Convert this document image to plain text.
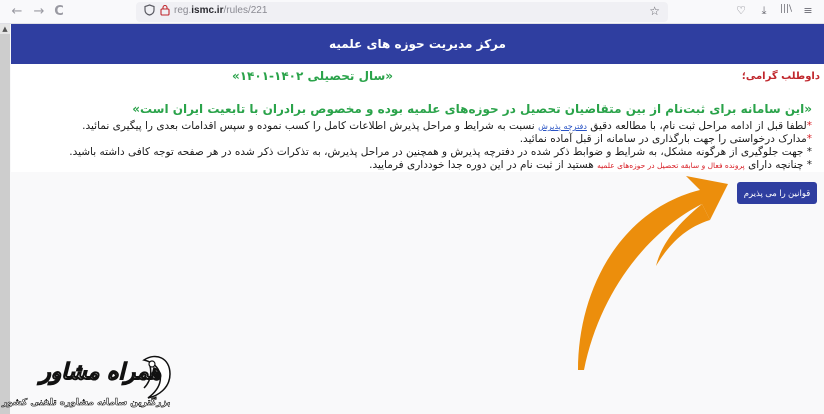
← → C	reg.ismc.ir/rules/221	☆	♡	⤓	|||\	≡
▲
مرکز مدیریت حوزه های علمیه
داوطلب گرامی؛
«سال تحصیلی ۱۴۰۲-۱۴۰۱»
«این سامانه برای ثبت‌نام از بین متقاضیان تحصیل در حوزه‌های علمیه بوده و مخصوص برادران با تابعیت ایران است»
*لطفا قبل از ادامه مراحل ثبت نام، با مطالعه دقیق دفترچه پذیرش نسبت به شرایط و مراحل پذیرش اطلاعات کامل را کسب نموده و سپس اقدامات بعدی را پیگیری نمائید.
*مدارک درخواستی را جهت بارگذاری در سامانه از قبل آماده نمائید.
* جهت جلوگیری از هرگونه مشکل، به شرایط و ضوابط ذکر شده در دفترچه پذیرش و همچنین در مراحل پذیرش، به تذکرات ذکر شده در هر صفحه توجه کافی داشته باشید.
* چنانچه دارای پرونده فعال و سابقه تحصیل در حوزه‌های علمیه هستید از ثبت نام در این دوره جدا خودداری فرمایید.
قوانین را می پذیرم
همراه مشاور
بزرگترین سامانه مشاوره تلفنی کشور
